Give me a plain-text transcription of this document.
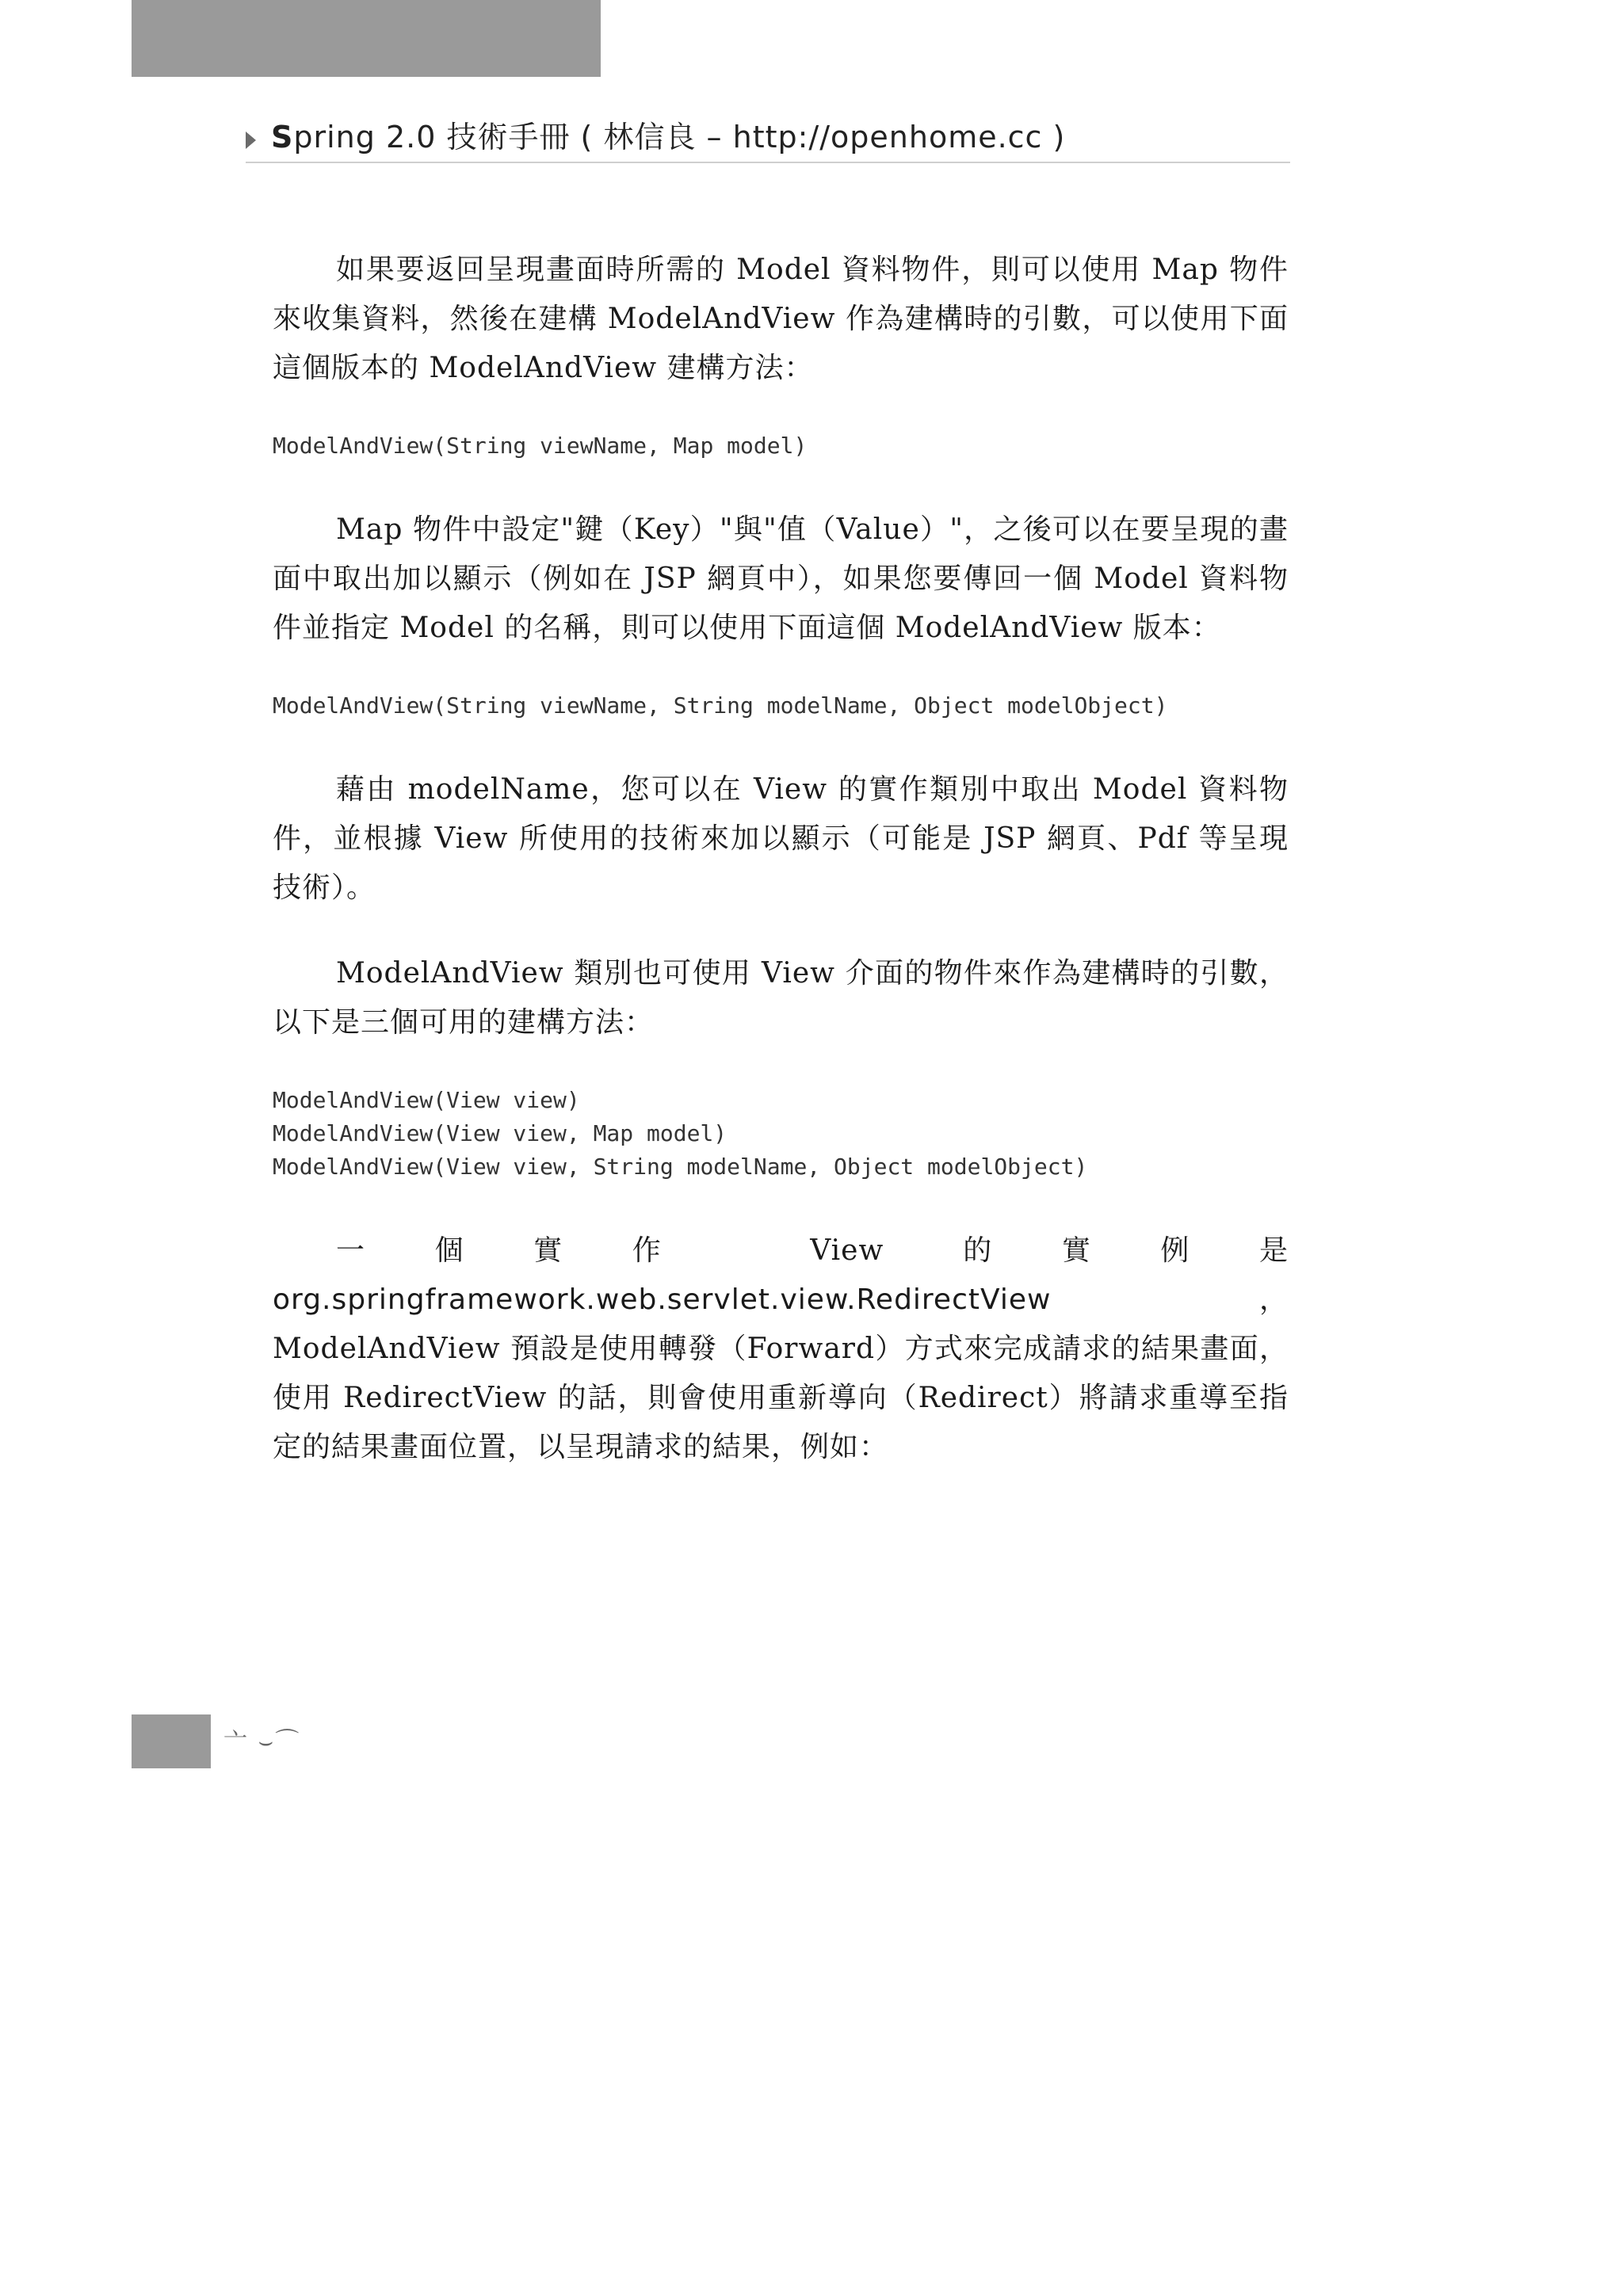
Spring 2.0 技術手冊 ( 林信良 – http://openhome.cc )

如果要返回呈現畫面時所需的 Model 資料物件，則可以使用 Map 物件來收集資料，然後在建構 ModelAndView 作為建構時的引數，可以使用下面這個版本的 ModelAndView 建構方法：

ModelAndView(String viewName, Map model)

Map 物件中設定"鍵（Key）"與"值（Value）"，之後可以在要呈現的畫面中取出加以顯示（例如在 JSP 網頁中），如果您要傳回一個 Model 資料物件並指定 Model 的名稱，則可以使用下面這個 ModelAndView 版本：

ModelAndView(String viewName, String modelName, Object modelObject)

藉由 modelName，您可以在 View 的實作類別中取出 Model 資料物件，並根據 View 所使用的技術來加以顯示（可能是 JSP 網頁、Pdf 等呈現技術）。

ModelAndView 類別也可使用 View 介面的物件來作為建構時的引數，以下是三個可用的建構方法：

ModelAndView(View view)
ModelAndView(View view, Map model)
ModelAndView(View view, String modelName, Object modelObject)

一個實作 View 的實例是 org.springframework.web.servlet.view.RedirectView，ModelAndView 預設是使用轉發（Forward）方式來完成請求的結果畫面，使用 RedirectView 的話，則會使用重新導向（Redirect）將請求重導至指定的結果畫面位置，以呈現請求的結果，例如：

亠 ⌣⌒
